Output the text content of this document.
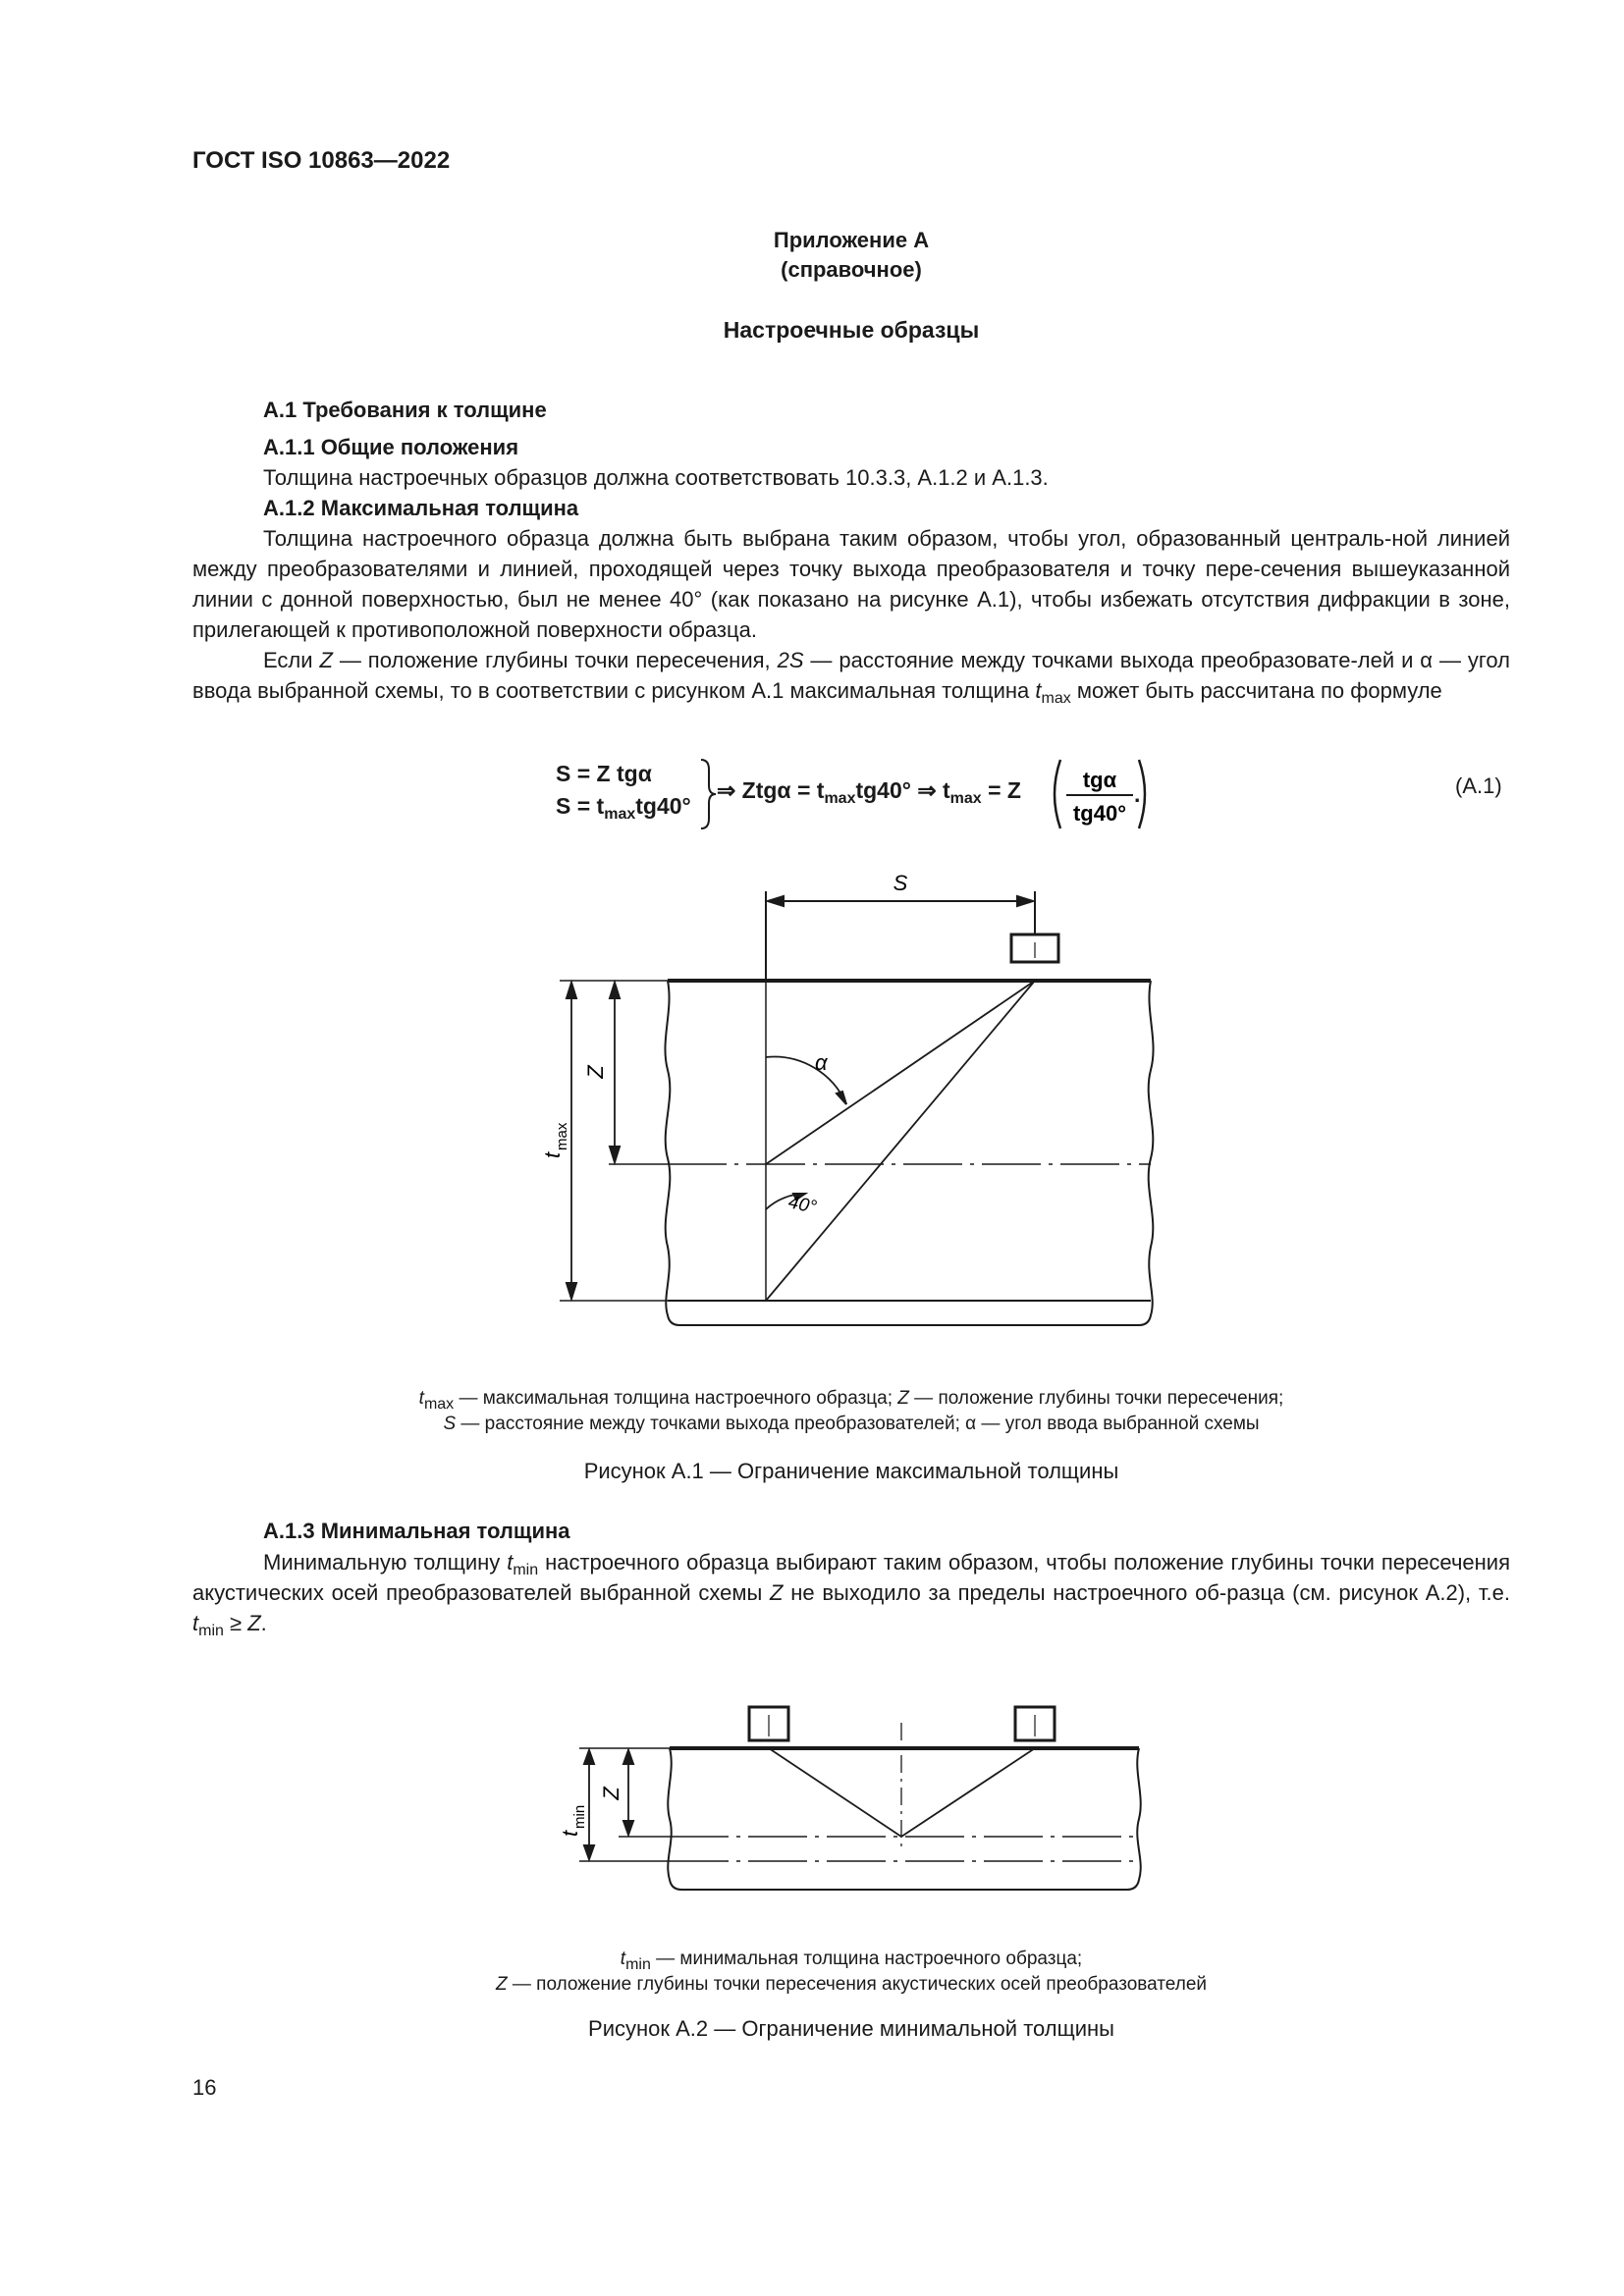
ГОСТ ISO 10863—2022
Приложение А
(справочное)
Настроечные образцы
А.1 Требования к толщине
А.1.1 Общие положения
Толщина настроечных образцов должна соответствовать 10.3.3, А.1.2 и А.1.3.
А.1.2 Максимальная толщина

Толщина настроечного образца должна быть выбрана таким образом, чтобы угол, образованный централь-ной линией между преобразователями и линией, проходящей через точку выхода преобразователя и точку пере-сечения вышеуказанной линии с донной поверхностью, был не менее 40° (как показано на рисунке А.1), чтобы избежать отсутствия дифракции в зоне, прилегающей к противоположной поверхности образца.

Если Z — положение глубины точки пересечения, 2S — расстояние между точками выхода преобразовате-лей и α — угол ввода выбранной схемы, то в соответствии с рисунком А.1 максимальная толщина $t_{max}$ может быть рассчитана по формуле

S = Z tgα
$S = t_{max}tg40^\circ$
⇒ $Ztg\alpha = t_{max}tg40^\circ$ ⇒ $t_{max} = Z$	tgα
tg40°
.	(А.1)
S
α
40°
Z
t
max
$t_{max}$ — максимальная толщина настроечного образца; Z — положение глубины точки пересечения;
S — расстояние между точками выхода преобразователей; α — угол ввода выбранной схемы
Рисунок А.1 — Ограничение максимальной толщины
А.1.3 Минимальная толщина

Минимальную толщину $t_{min}$ настроечного образца выбирают таким образом, чтобы положение глубины точки пересечения акустических осей преобразователей выбранной схемы Z не выходило за пределы настроечного об-разца (см. рисунок А.2), т.е. $t_{min} \ge Z$.

Z
t
min
$t_{min}$ — минимальная толщина настроечного образца;
Z — положение глубины точки пересечения акустических осей преобразователей
Рисунок А.2 — Ограничение минимальной толщины
16
